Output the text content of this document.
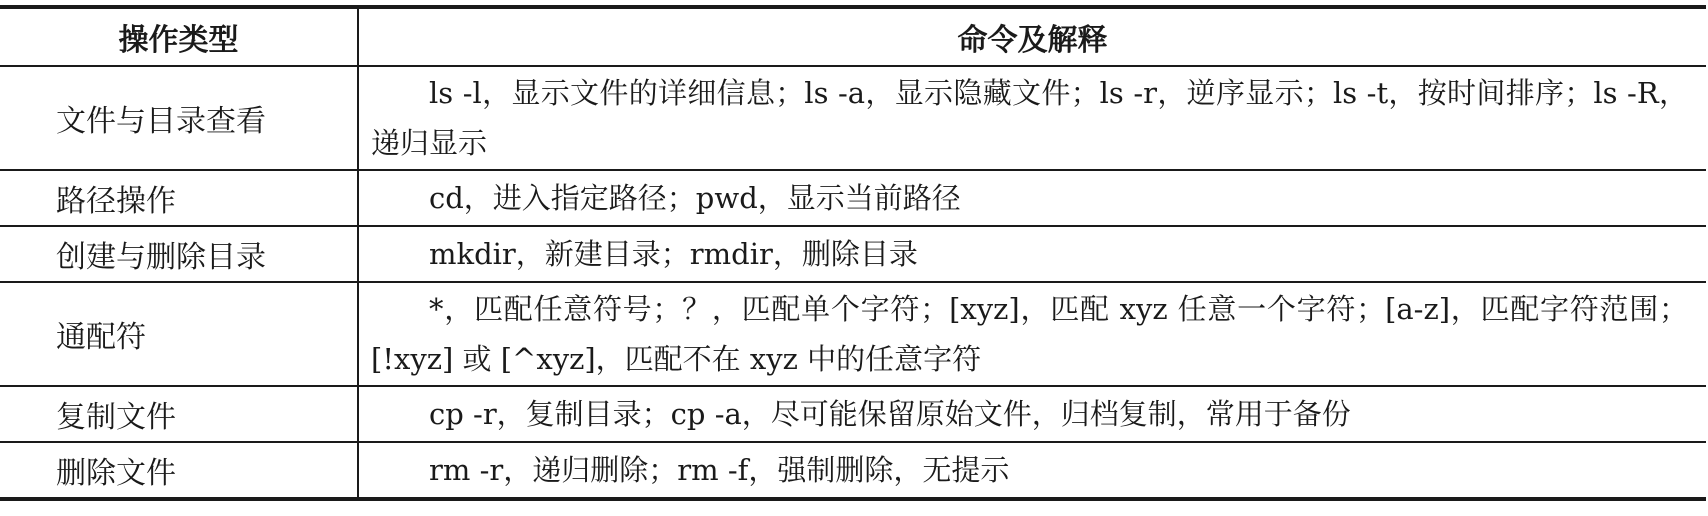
操作类型	命令及解释
文件与目录查看	ls -l，显示文件的详细信息；ls -a，显示隐藏文件；ls -r，逆序显示；ls -t，按时间排序；ls -R，递归显示
路径操作	cd，进入指定路径；pwd，显示当前路径
创建与删除目录	mkdir，新建目录；rmdir，删除目录
通配符	*，匹配任意符号；？，匹配单个字符；[xyz]，匹配 xyz 任意一个字符；[a-z]，匹配字符范围；[!xyz] 或 [^xyz]，匹配不在 xyz 中的任意字符
复制文件	cp -r，复制目录；cp -a，尽可能保留原始文件，归档复制，常用于备份
删除文件	rm -r，递归删除；rm -f，强制删除，无提示
